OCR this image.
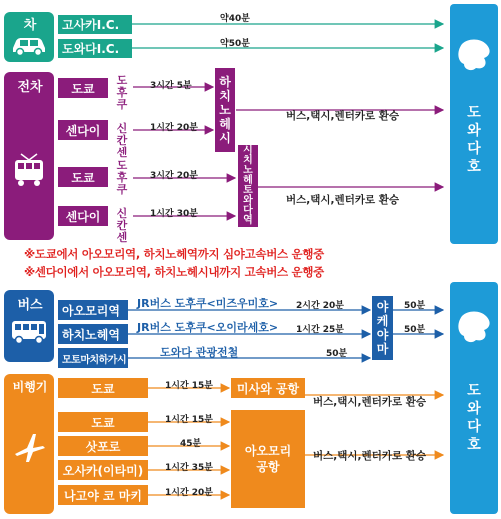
도
와
다
호
도
와
다
호
차	고사카I.C.
도와다I.C.
약40분
약50분
전차	도쿄
센다이
도쿄
센다이
도
후
쿠

신
칸
센
도
후
쿠

신
칸
센
3시간 5분
1시간 20분
3시간 20분
1시간 30분
하
치
노
헤
시
시
치
노
헤
토
와
다
역
버스,택시,렌터카로 환승
버스,택시,렌터카로 환승
※도쿄에서 아오모리역, 하치노헤역까지 심야고속버스 운행중
※센다이에서 아오모리역, 하치노헤시내까지 고속버스 운행중
버스	아오모리역
하치노헤역
모토마치하가시
JR버스 도후쿠<미즈우미호>
JR버스 도후쿠<오이라세호>
도와다 관광전철
2시간 20분
1시간 25분
50분
야
케
야
마
50분
50분
비행기	도쿄
도쿄
삿포로
오사카(이타미)
나고야 코 마키
1시간 15분
1시간 15분
45분
1시간 35분
1시간 20분
미사와 공항
아오모리
공항
버스,택시,렌터카로 환승
버스,택시,렌터카로 환승
